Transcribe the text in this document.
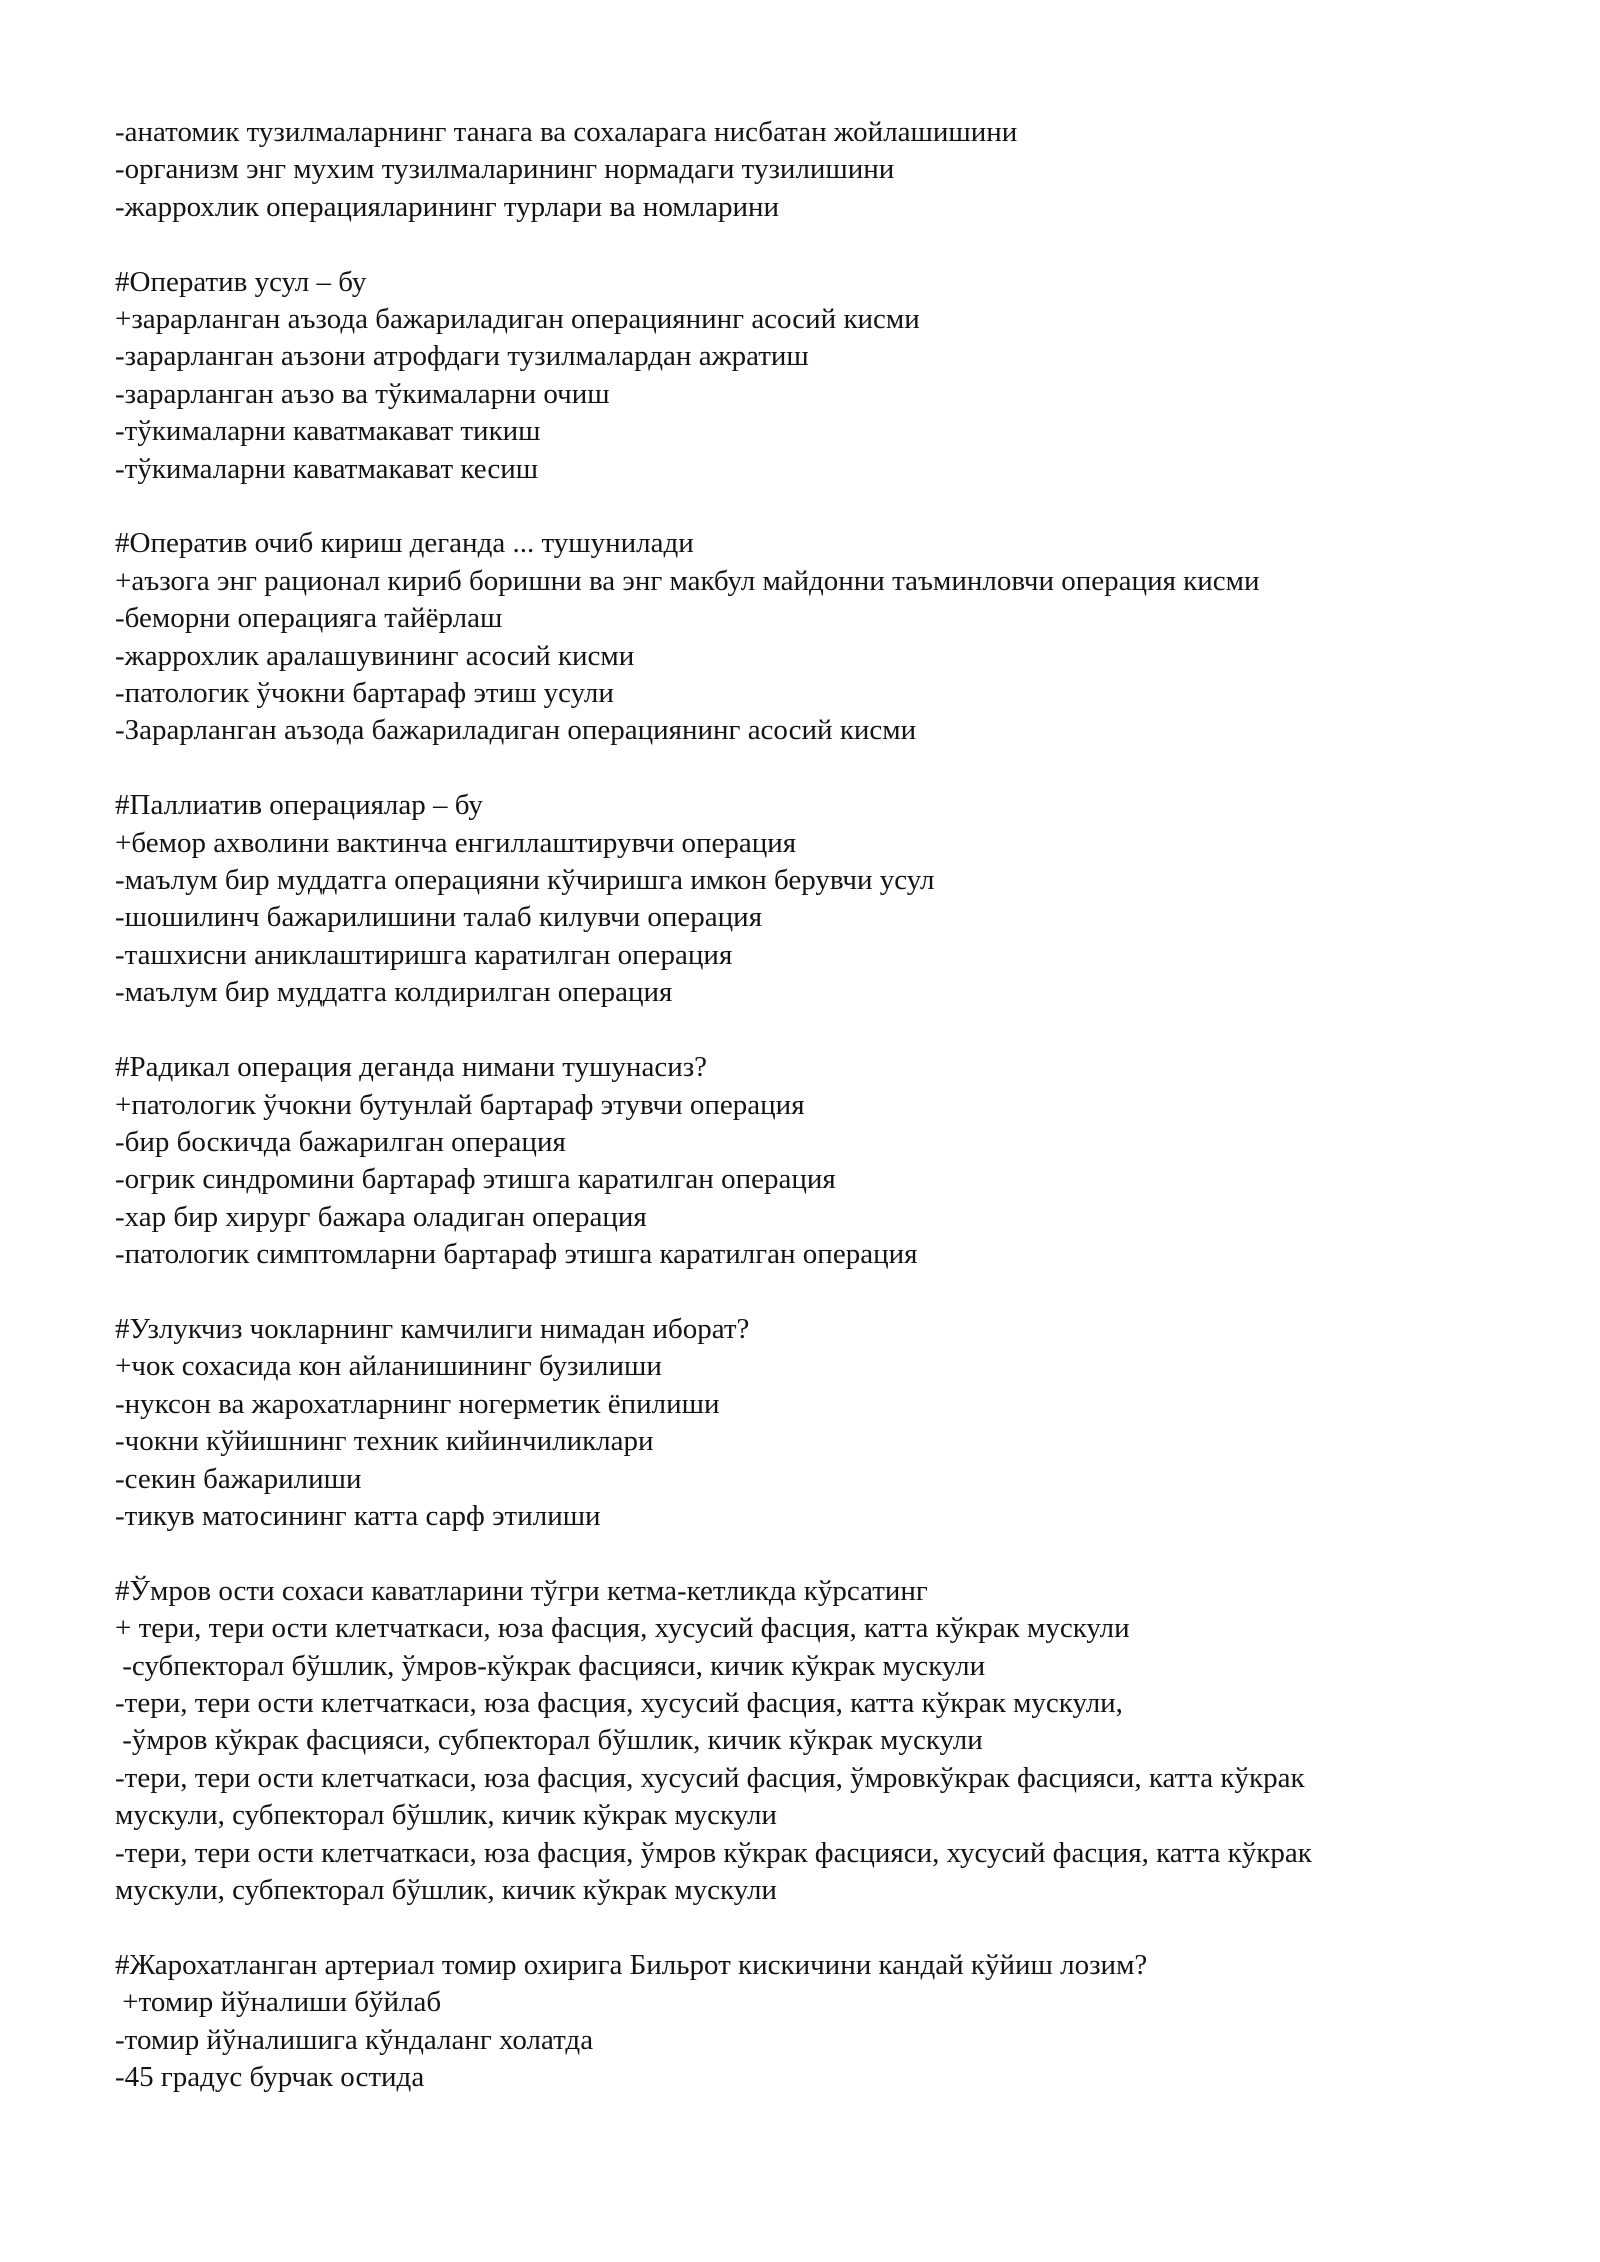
-анатомик тузилмаларнинг танага ва сохаларага нисбатан жойлашишини
-организм энг мухим тузилмаларининг нормадаги тузилишини
-жаррохлик операцияларининг турлари ва номларини
#Оператив усул – бу
+зарарланган аъзода бажариладиган операциянинг асосий кисми
-зарарланган аъзони атрофдаги тузилмалардан ажратиш
-зарарланган аъзо ва тўкималарни очиш
-тўкималарни каватмакават тикиш
-тўкималарни каватмакават кесиш
#Оператив очиб кириш деганда ... тушунилади
+аъзога энг рационал кириб боришни ва энг макбул майдонни таъминловчи операция кисми
-беморни операцияга тайёрлаш
-жаррохлик аралашувининг асосий кисми
-патологик ўчокни бартараф этиш усули
-Зарарланган аъзода бажариладиган операциянинг асосий кисми
#Паллиатив операциялар – бу
+бемор ахволини вактинча енгиллаштирувчи операция
-маълум бир муддатга операцияни кўчиришга имкон берувчи усул
-шошилинч бажарилишини талаб килувчи операция
-ташхисни аниклаштиришга каратилган операция
-маълум бир муддатга колдирилган операция
#Радикал операция деганда нимани тушунасиз?
+патологик ўчокни бутунлай бартараф этувчи операция
-бир боскичда бажарилган операция
-огрик синдромини бартараф этишга каратилган операция
-хар бир хирург бажара оладиган операция
-патологик симптомларни бартараф этишга каратилган операция
#Узлукчиз чокларнинг камчилиги нимадан иборат?
+чок сохасида кон айланишининг бузилиши
-нуксон ва жарохатларнинг ногерметик ёпилиши
-чокни кўйишнинг техник кийинчиликлари
-секин бажарилиши
-тикув матосининг катта сарф этилиши
#Ўмров ости сохаси каватларини тўгри кетма-кетликда кўрсатинг
+ тери, тери ости клетчаткаси, юза фасция, хусусий фасция, катта кўкрак мускули
-субпекторал бўшлик, ўмров-кўкрак фасцияси, кичик кўкрак мускули
-тери, тери ости клетчаткаси, юза фасция, хусусий фасция, катта кўкрак мускули,
-ўмров кўкрак фасцияси, субпекторал бўшлик, кичик кўкрак мускули
-тери, тери ости клетчаткаси, юза фасция, хусусий фасция, ўмровкўкрак фасцияси, катта кўкрак
мускули, субпекторал бўшлик, кичик кўкрак мускули
-тери, тери ости клетчаткаси, юза фасция, ўмров кўкрак фасцияси, хусусий фасция, катта кўкрак
мускули, субпекторал бўшлик, кичик кўкрак мускули
#Жарохатланган артериал томир охирига Бильрот кискичини кандай кўйиш лозим?
+томир йўналиши бўйлаб
-томир йўналишига кўндаланг холатда
-45 градус бурчак остида
